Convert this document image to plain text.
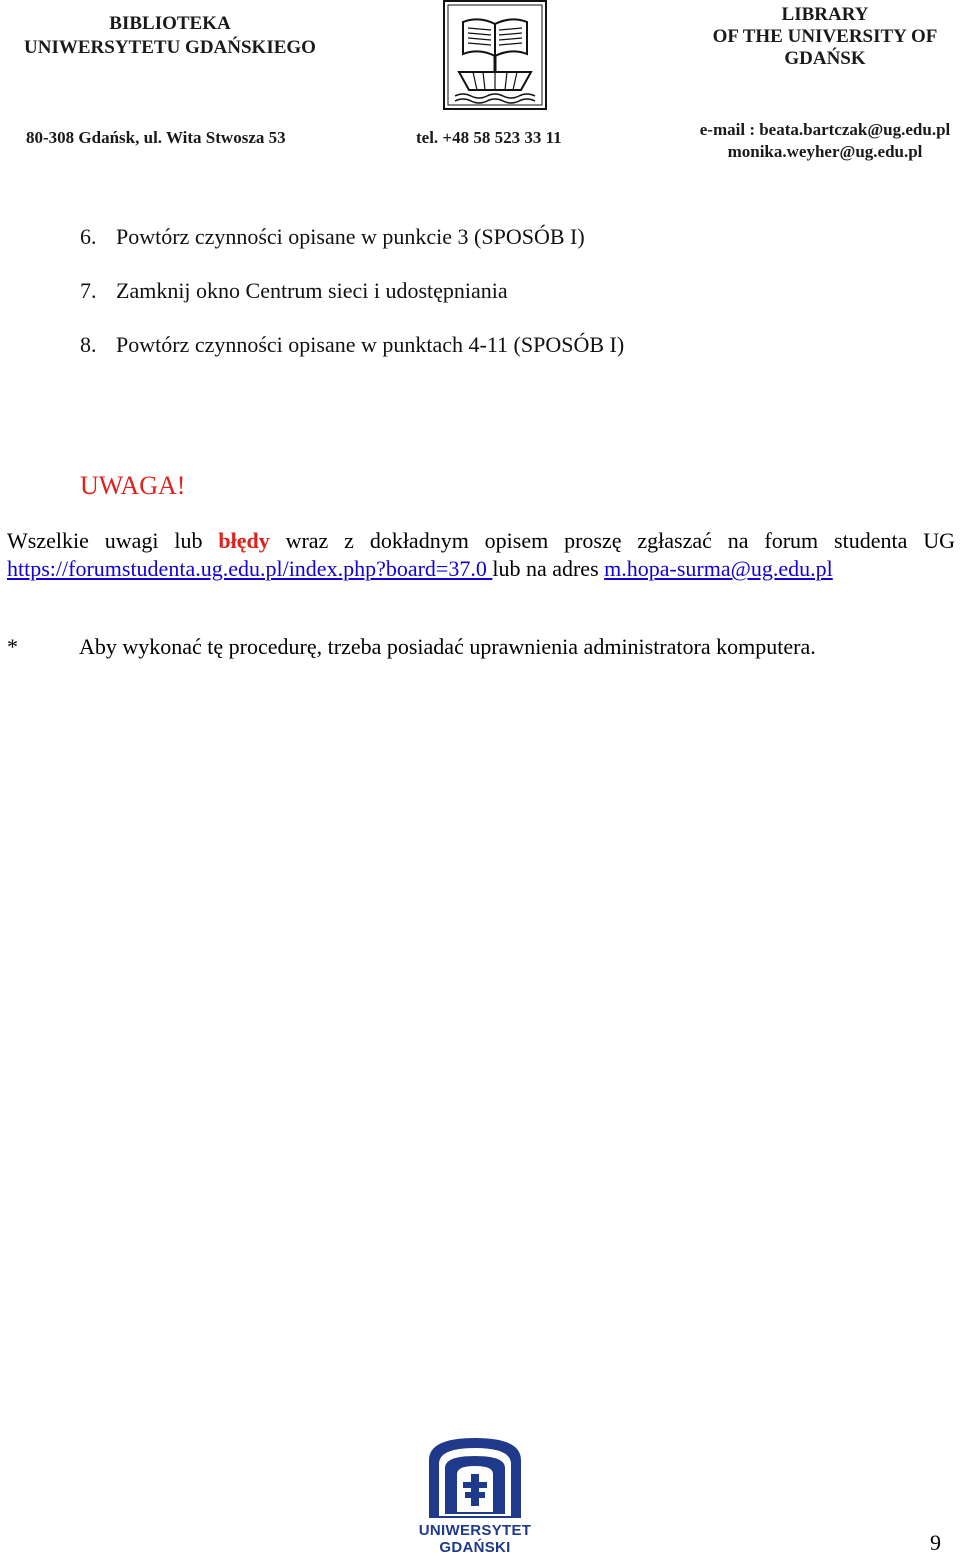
BIBLIOTEKA
UNIWERSYTETU GDAŃSKIEGO
LIBRARY
OF THE UNIVERSITY OF
GDAŃSK
80-308 Gdańsk, ul. Wita Stwosza 53	tel. +48 58 523 33 11	e-mail : beata.bartczak@ug.edu.pl
monika.weyher@ug.edu.pl
6. Powtórz czynności opisane w punkcie 3 (SPOSÓB I)
7. Zamknij okno Centrum sieci i udostępniania
8. Powtórz czynności opisane w punktach 4-11 (SPOSÓB I)
UWAGA!
Wszelkie uwagi lub błędy wraz z dokładnym opisem proszę zgłaszać na forum studenta UG
https://forumstudenta.ug.edu.pl/index.php?board=37.0 lub na adres m.hopa-surma@ug.edu.pl
*	Aby wykonać tę procedurę, trzeba posiadać uprawnienia administratora komputera.
UNIWERSYTET GDAŃSKI	9
